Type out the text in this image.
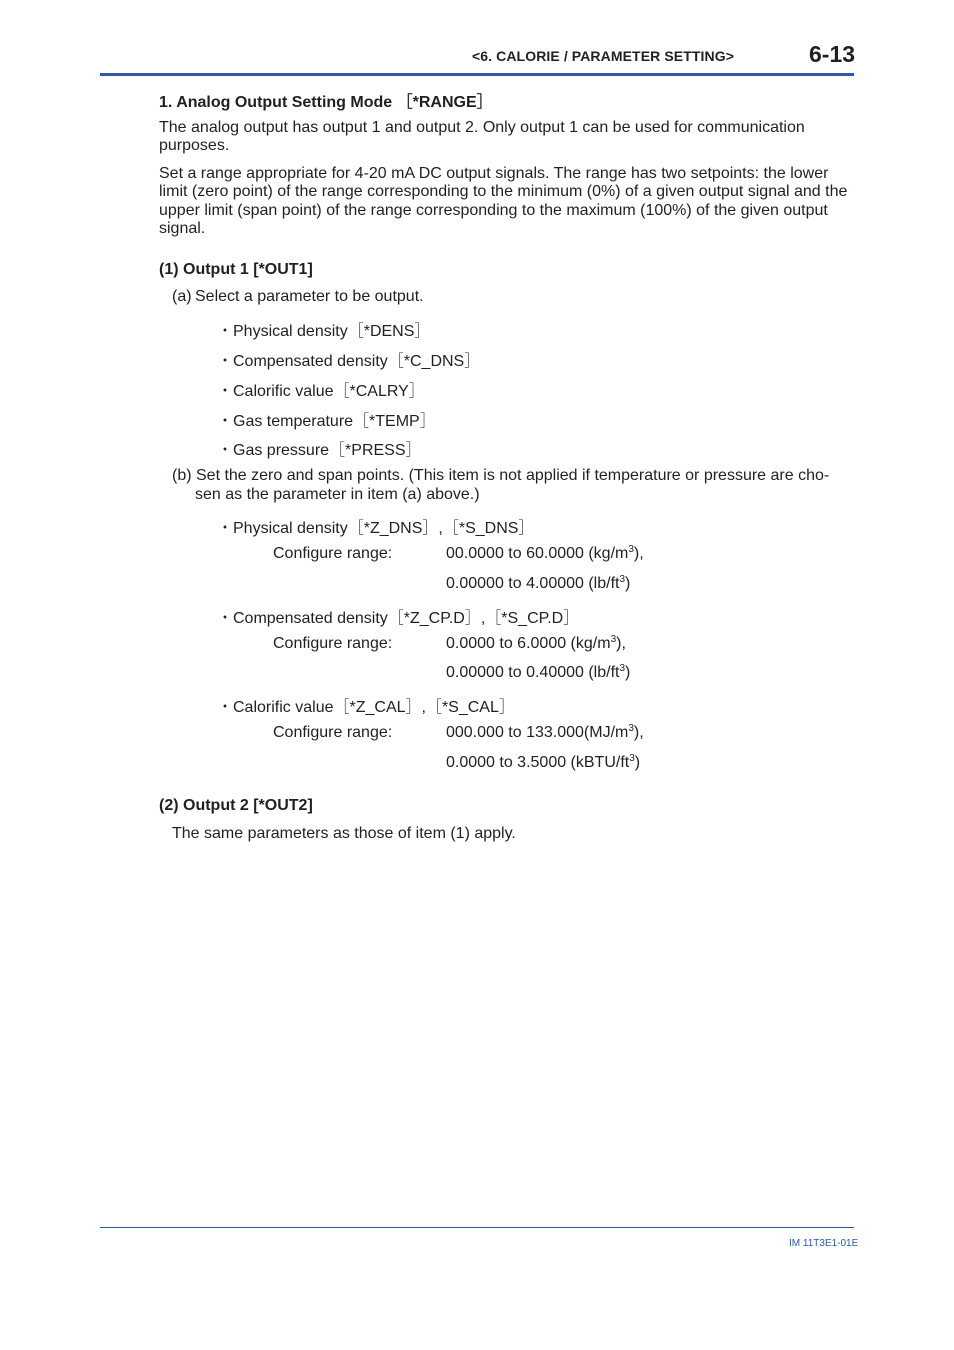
<6. CALORIE / PARAMETER SETTING>	6-13
1. Analog Output Setting Mode ［*RANGE］
The analog output has output 1 and output 2. Only output 1 can be used for communication purposes.
Set a range appropriate for 4-20 mA DC output signals. The range has two setpoints: the lower limit (zero point) of the range corresponding to the minimum (0%) of a given output signal and the upper limit (span point) of the range corresponding to the maximum (100%) of the given output signal.
(1) Output 1 [*OUT1]
(a) Select a parameter to be output.
・Physical density［*DENS］
・Compensated density［*C_DNS］
・Calorific value［*CALRY］
・Gas temperature［*TEMP］
・Gas pressure［*PRESS］
(b) Set the zero and span points. (This item is not applied if temperature or pressure are cho-
sen as the parameter in item (a) above.)
・Physical density［*Z_DNS］,［*S_DNS］
Configure range:	00.0000 to 60.0000 $(kg/m^3)$,
0.00000 to 4.00000 $(lb/ft^3)$
・Compensated density［*Z_CP.D］,［*S_CP.D］
Configure range:	0.0000 to 6.0000 $(kg/m^3)$,
0.00000 to 0.40000 $(lb/ft^3)$
・Calorific value［*Z_CAL］,［*S_CAL］
Configure range:	000.000 to $133.000(MJ/m^3)$,
0.0000 to 3.5000 $(kBTU/ft^3)$
(2) Output 2 [*OUT2]
The same parameters as those of item (1) apply.
IM 11T3E1-01E
